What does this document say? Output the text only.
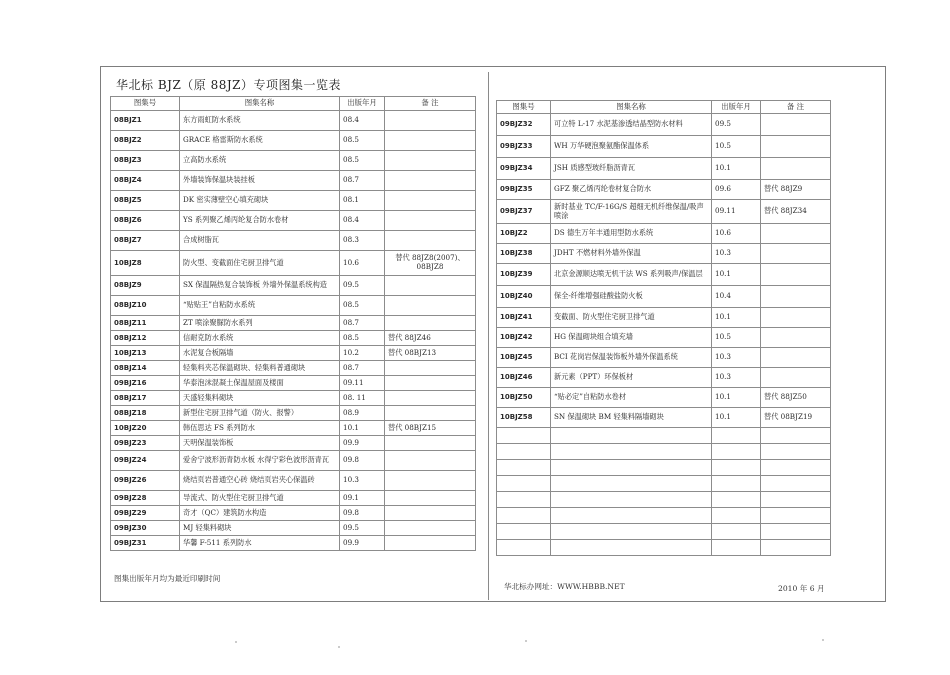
华北标 BJZ（原 88JZ）专项图集一览表
图集号	图集名称	出版年月	备 注
08BJZ1	东方雨虹防水系统	08.4	
08BJZ2	GRACE 格雷斯防水系统	08.5	
08BJZ3	立高防水系统	08.5	
08BJZ4	外墙装饰保温块装挂板	08.7	
08BJZ5	DK 密实薄壁空心填充砌块	08.1	
08BJZ6	YS 系列聚乙烯丙纶复合防水卷材	08.4	
08BJZ7	合成树脂瓦	08.3	
10BJZ8	防火型、变截面住宅厨卫排气道	10.6	替代 88JZ8(2007)、08BJZ8
08BJZ9	SX 保温隔热复合装饰板 外墙外保温系统构造	09.5	
08BJZ10	“贴贴王”自粘防水系统	08.5	
08BJZ11	ZT 喷涂聚脲防水系列	08.7	
08BJZ12	信耐克防水系统	08.5	替代 88JZ46
10BJZ13	水泥复合板隔墙	10.2	替代 08BJZ13
08BJZ14	轻集料夹芯保温砌块、轻集料普通砌块	08.7	
09BJZ16	华泰泡沫混凝土保温屋面及楼面	09.11	
08BJZ17	天盛轻集料砌块	08. 11	
08BJZ18	新型住宅厨卫排气道（防火、报警）	08.9	
10BJZ20	韩伍思达 FS 系列防水	10.1	替代 08BJZ15
09BJZ23	天明保温装饰板	09.9	
09BJZ24	爱舍宁波形沥青防水板 水得宁彩色波形沥青瓦	09.8	
09BJZ26	烧结页岩普通空心砖 烧结页岩夹心保温砖	10.3	
09BJZ28	导流式、防火型住宅厨卫排气道	09.1	
09BJZ29	奇才（QC）建筑防水构造	09.8	
09BJZ30	MJ 轻集料砌块	09.5	
09BJZ31	华馨 F-511 系列防水	09.9	
图集号	图集名称	出版年月	备 注
09BJZ32	可立特 L-17 水泥基渗透结晶型防水材料	09.5	
09BJZ33	WH 万华硬泡聚氨酯保温体系	10.5	
09BJZ34	JSH 质感型玻纤脂沥青瓦	10.1	
09BJZ35	GFZ 聚乙烯丙纶卷材复合防水	09.6	替代 88JZ9
09BJZ37	新时基业 TC/F-16G/S 超细无机纤维保温/吸声喷涂	09.11	替代 88JZ34
10BJZ2	DS 德生万年丰通用型防水系统	10.6	
10BJZ38	JDHT 不燃材料外墙外保温	10.3	
10BJZ39	北京金源顺达喷无机干法 WS 系列吸声/保温层	10.1	
10BJZ40	保全-纤维增强硅酸盐防火板	10.4	
10BJZ41	变截面、防火型住宅厨卫排气道	10.1	
10BJZ42	HG 保温砌块组合填充墙	10.5	
10BJZ45	BCI 花岗岩保温装饰板外墙外保温系统	10.3	
10BJZ46	新元素（PPT）环保板材	10.3	
10BJZ50	“贴必定”自粘防水卷材	10.1	替代 88JZ50
10BJZ58	SN 保温砌块 BM 轻集料隔墙砌块	10.1	替代 08BJZ19

图集出版年月均为最近印刷时间
华北标办网址：WWW.HBBB.NET	2010 年 6 月
